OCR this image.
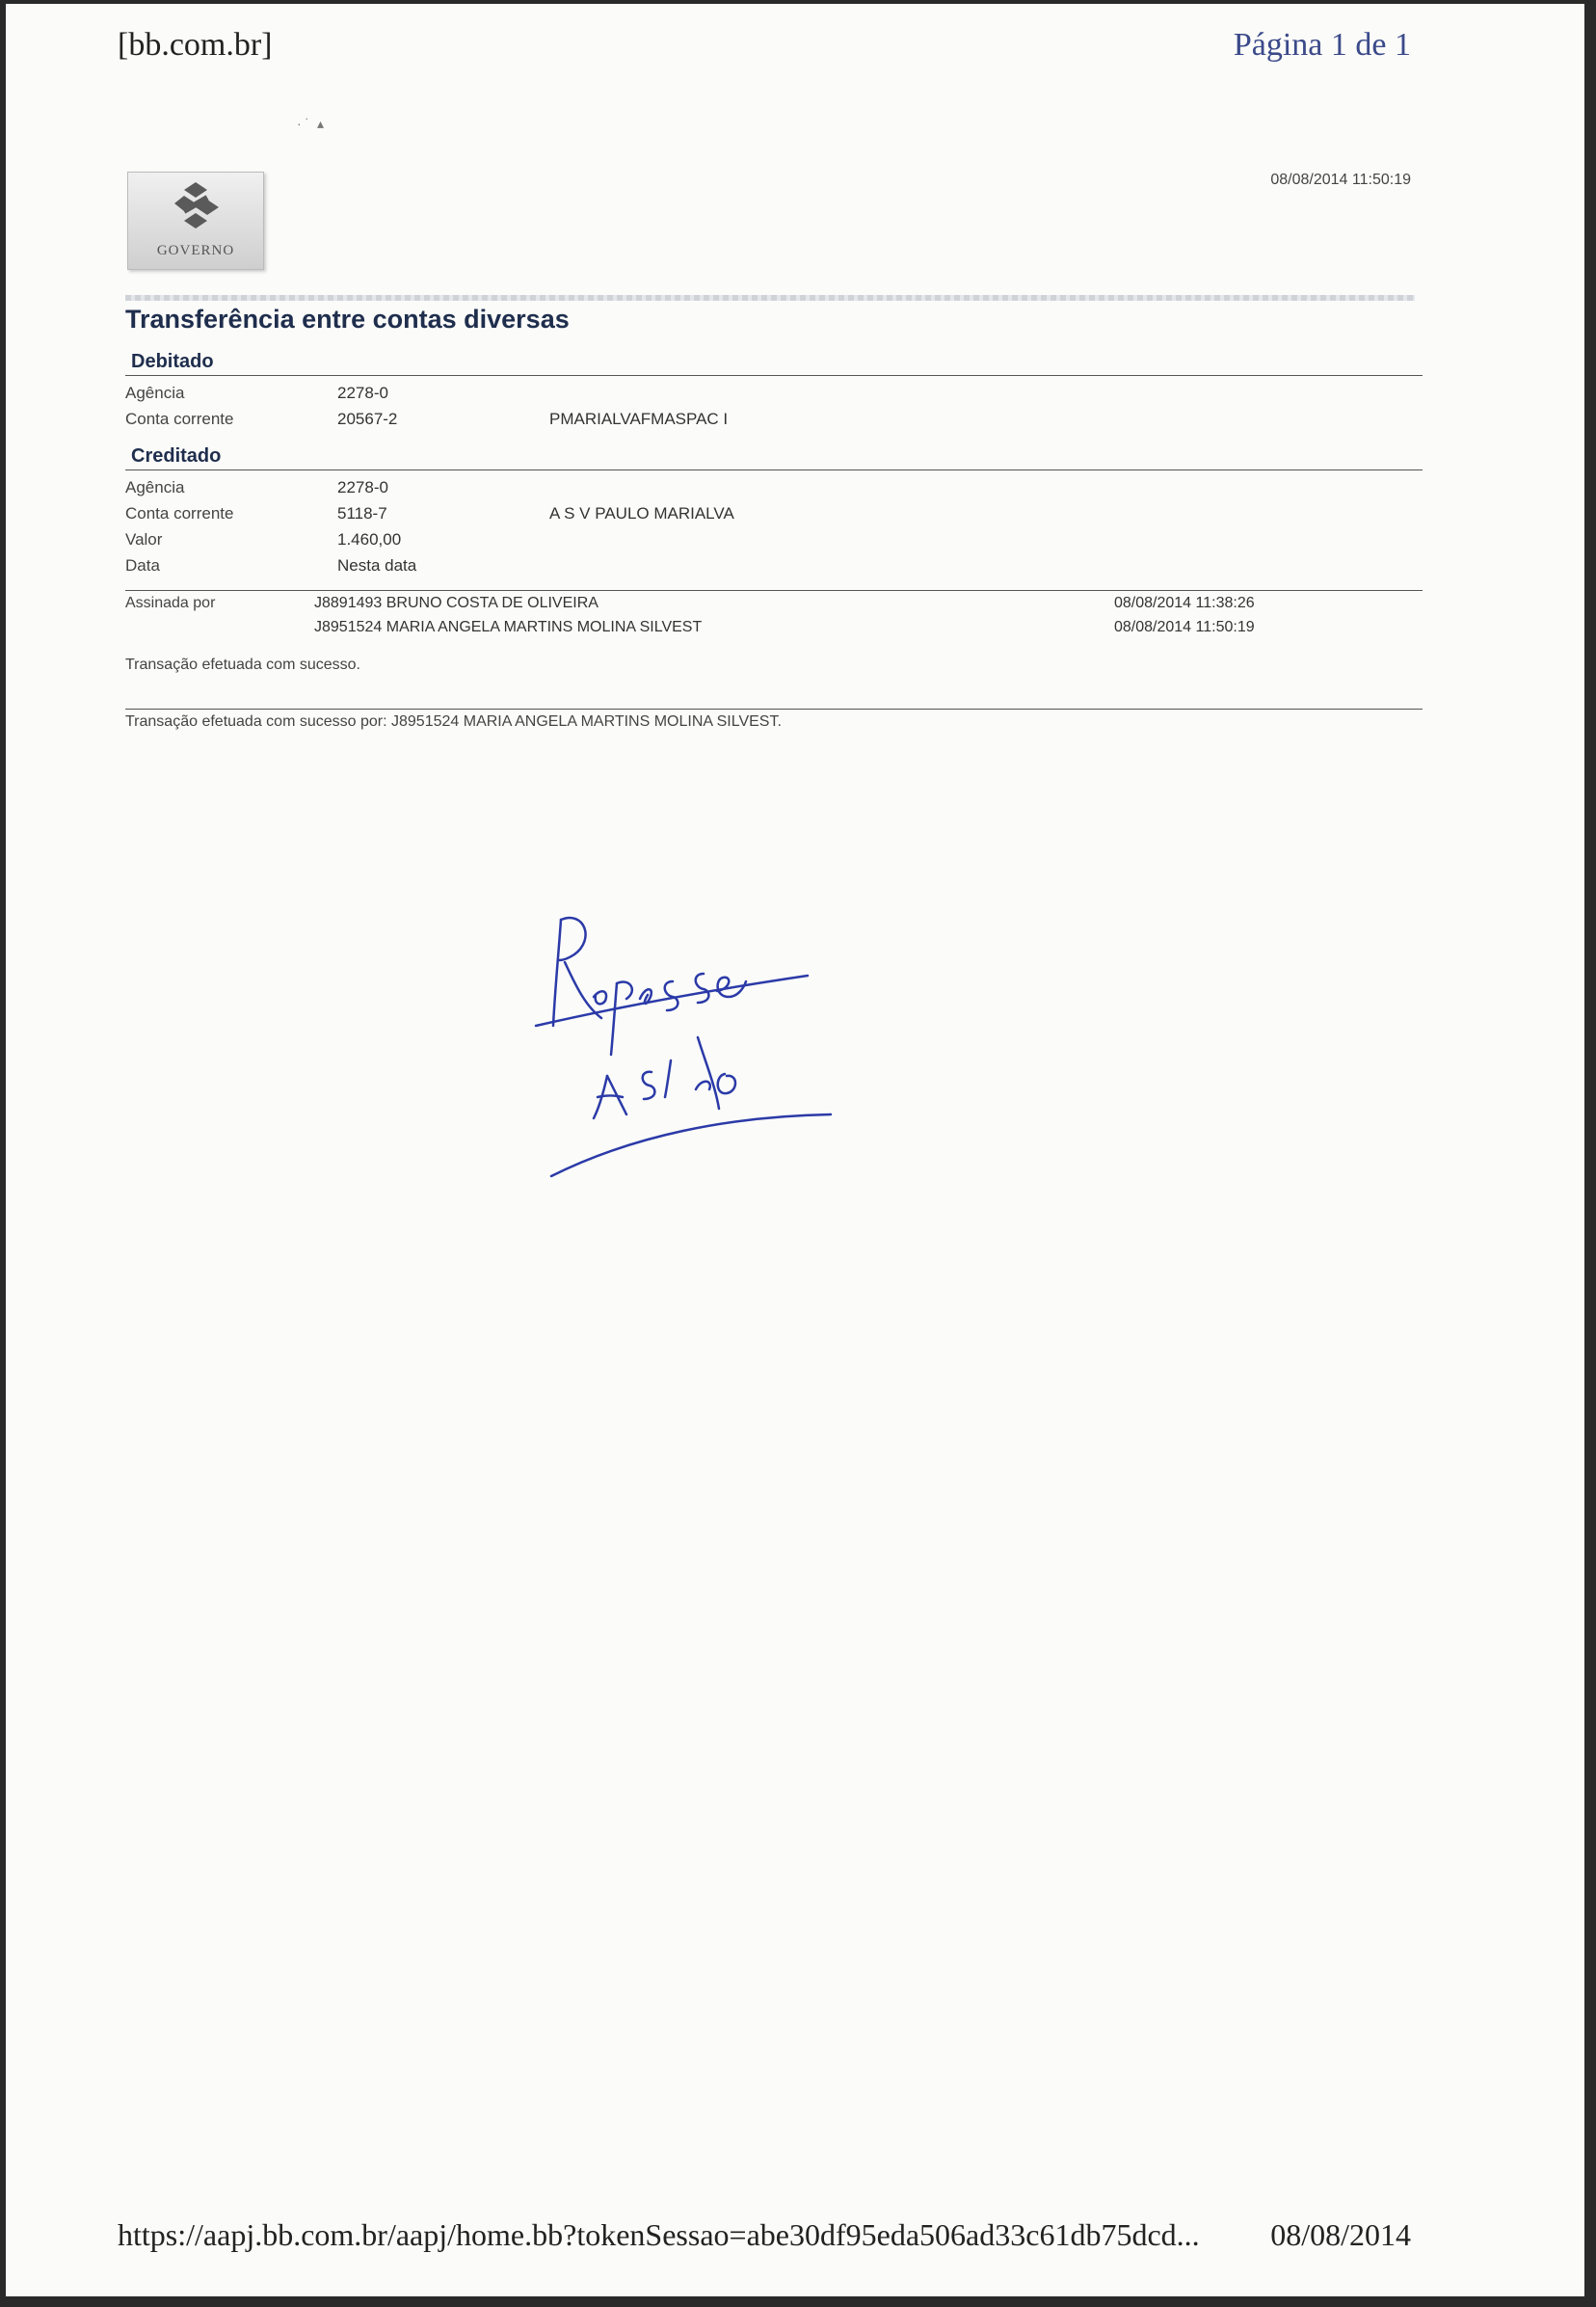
[bb.com.br]	Página 1 de 1
· ˙  ▴
GOVERNO
08/08/2014 11:50:19
Transferência entre contas diversas
Debitado
Agência	2278-0
Conta corrente	20567-2	PMARIALVAFMASPAC I
Creditado
Agência	2278-0
Conta corrente	5118-7	A S V PAULO MARIALVA
Valor	1.460,00
Data	Nesta data
Assinada por	J8891493 BRUNO COSTA DE OLIVEIRA	08/08/2014 11:38:26
J8951524 MARIA ANGELA MARTINS MOLINA SILVEST	08/08/2014 11:50:19
Transação efetuada com sucesso.
Transação efetuada com sucesso por: J8951524 MARIA ANGELA MARTINS MOLINA SILVEST.
https://aapj.bb.com.br/aapj/home.bb?tokenSessao=abe30df95eda506ad33c61db75dcd... 08/08/2014
